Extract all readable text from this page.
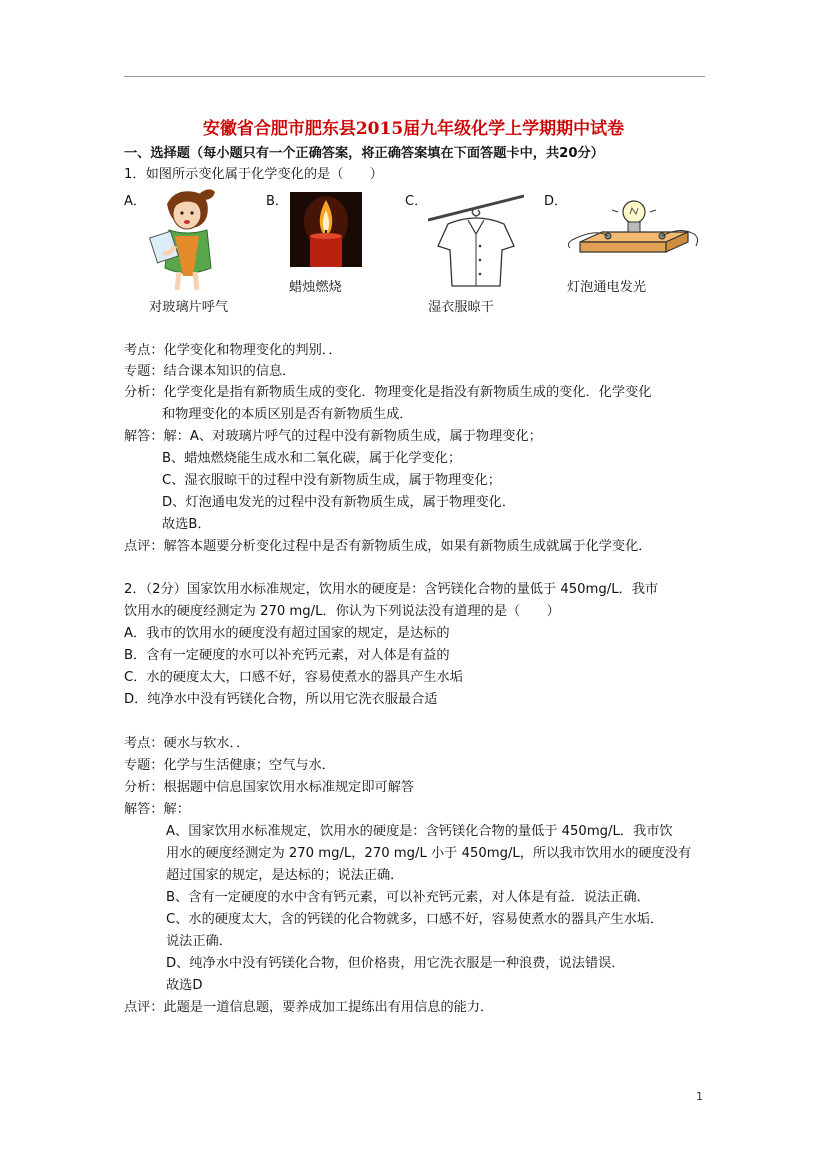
安徽省合肥市肥东县2015届九年级化学上学期期中试卷
一、选择题（每小题只有一个正确答案，将正确答案填在下面答题卡中，共20分）
1．如图所示变化属于化学变化的是（　　）
A．	B．	C．	D．
对玻璃片呼气
蜡烛燃烧
湿衣服晾干
灯泡通电发光
考点：化学变化和物理变化的判别．．
专题：结合课本知识的信息．
分析：化学变化是指有新物质生成的变化．物理变化是指没有新物质生成的变化．化学变化
和物理变化的本质区别是否有新物质生成．
解答：解：A、对玻璃片呼气的过程中没有新物质生成，属于物理变化；
B、蜡烛燃烧能生成水和二氧化碳，属于化学变化；
C、湿衣服晾干的过程中没有新物质生成，属于物理变化；
D、灯泡通电发光的过程中没有新物质生成，属于物理变化．
故选B．
点评：解答本题要分析变化过程中是否有新物质生成，如果有新物质生成就属于化学变化．
2．（2分）国家饮用水标准规定，饮用水的硬度是：含钙镁化合物的量低于 450mg/L．我市
饮用水的硬度经测定为 270 mg/L．你认为下列说法没有道理的是（　　）
A．我市的饮用水的硬度没有超过国家的规定，是达标的
B．含有一定硬度的水可以补充钙元素，对人体是有益的
C．水的硬度太大，口感不好，容易使煮水的器具产生水垢
D．纯净水中没有钙镁化合物，所以用它洗衣服最合适
考点：硬水与软水．．
专题：化学与生活健康；空气与水．
分析：根据题中信息国家饮用水标准规定即可解答
解答：解：
A、国家饮用水标准规定，饮用水的硬度是：含钙镁化合物的量低于 450mg/L．我市饮
用水的硬度经测定为 270 mg/L，270 mg/L 小于 450mg/L，所以我市饮用水的硬度没有
超过国家的规定，是达标的；说法正确．
B、含有一定硬度的水中含有钙元素，可以补充钙元素，对人体是有益．说法正确．
C、水的硬度太大，含的钙镁的化合物就多，口感不好，容易使煮水的器具产生水垢．
说法正确．
D、纯净水中没有钙镁化合物，但价格贵，用它洗衣服是一种浪费，说法错误．
故选D
点评：此题是一道信息题，要养成加工提练出有用信息的能力．
1
